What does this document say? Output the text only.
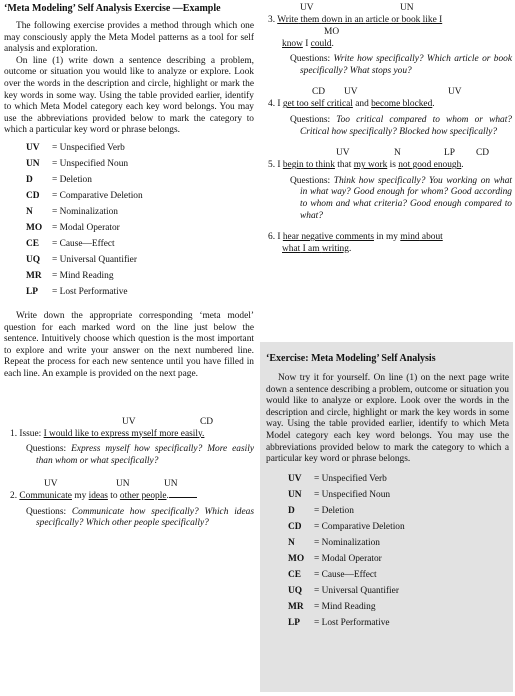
‘Meta Modeling’ Self Analysis Exercise —Example

The following exercise provides a method through which one may consciously apply the Meta Model patterns as a tool for self analysis and exploration.

On line (1) write down a sentence describing a problem, outcome or situation you would like to analyze or explore. Look over the words in the description and circle, highlight or mark the key words in some way. Using the table provided earlier, identify to which Meta Model category each key word belongs. You may use the abbreviations provided below to mark the category to which a particular key word or phrase belongs.

UV	= Unspecified Verb
UN	= Unspecified Noun
D	= Deletion
CD	= Comparative Deletion
N	= Nominalization
MO	= Modal Operator
CE	= Cause—Effect
UQ	= Universal Quantifier
MR	= Mind Reading
LP	= Lost Performative

Write down the appropriate corresponding ‘meta model’ question for each marked word on the line just below the sentence. Intuitively choose which question is the most important to explore and write your answer on the next numbered line. Repeat the process for each new sentence until you have filled in each line. An example is provided on the next page.

UV	CD
1. Issue: I would like to express myself more easily.

Questions: Express myself how specifically? More easily than whom or what specifically?

UV	UN	UN
2. Communicate my ideas to other people.

Questions: Communicate how specifically? Which ideas specifically? Which other people specifically?

UV	UN
3. Write them down in an article or book like I
MO
know I could.

Questions: Write how specifically? Which article or book specifically? What stops you?

CD UV	UV
4. I get too self critical and become blocked.

Questions: Too critical compared to whom or what? Critical how specifically? Blocked how specifically?

UV	N	LP CD
5. I begin to think that my work is not good enough.

Questions: Think how specifically? You working on what in what way? Good enough for whom? Good according to whom and what criteria? Good enough compared to what?

6. I hear negative comments in my mind about
what I am writing.

‘Exercise: Meta Modeling’ Self Analysis

Now try it for yourself. On line (1) on the next page write down a sentence describing a problem, outcome or situation you would like to analyze or explore. Look over the words in the description and circle, highlight or mark the key words in some way. Using the table provided earlier, identify to which Meta Model category each key word belongs. You may use the abbreviations provided below to mark the category to which a particular key word or phrase belongs.

UV	= Unspecified Verb
UN	= Unspecified Noun
D	= Deletion
CD	= Comparative Deletion
N	= Nominalization
MO	= Modal Operator
CE	= Cause—Effect
UQ	= Universal Quantifier
MR	= Mind Reading
LP	= Lost Performative
